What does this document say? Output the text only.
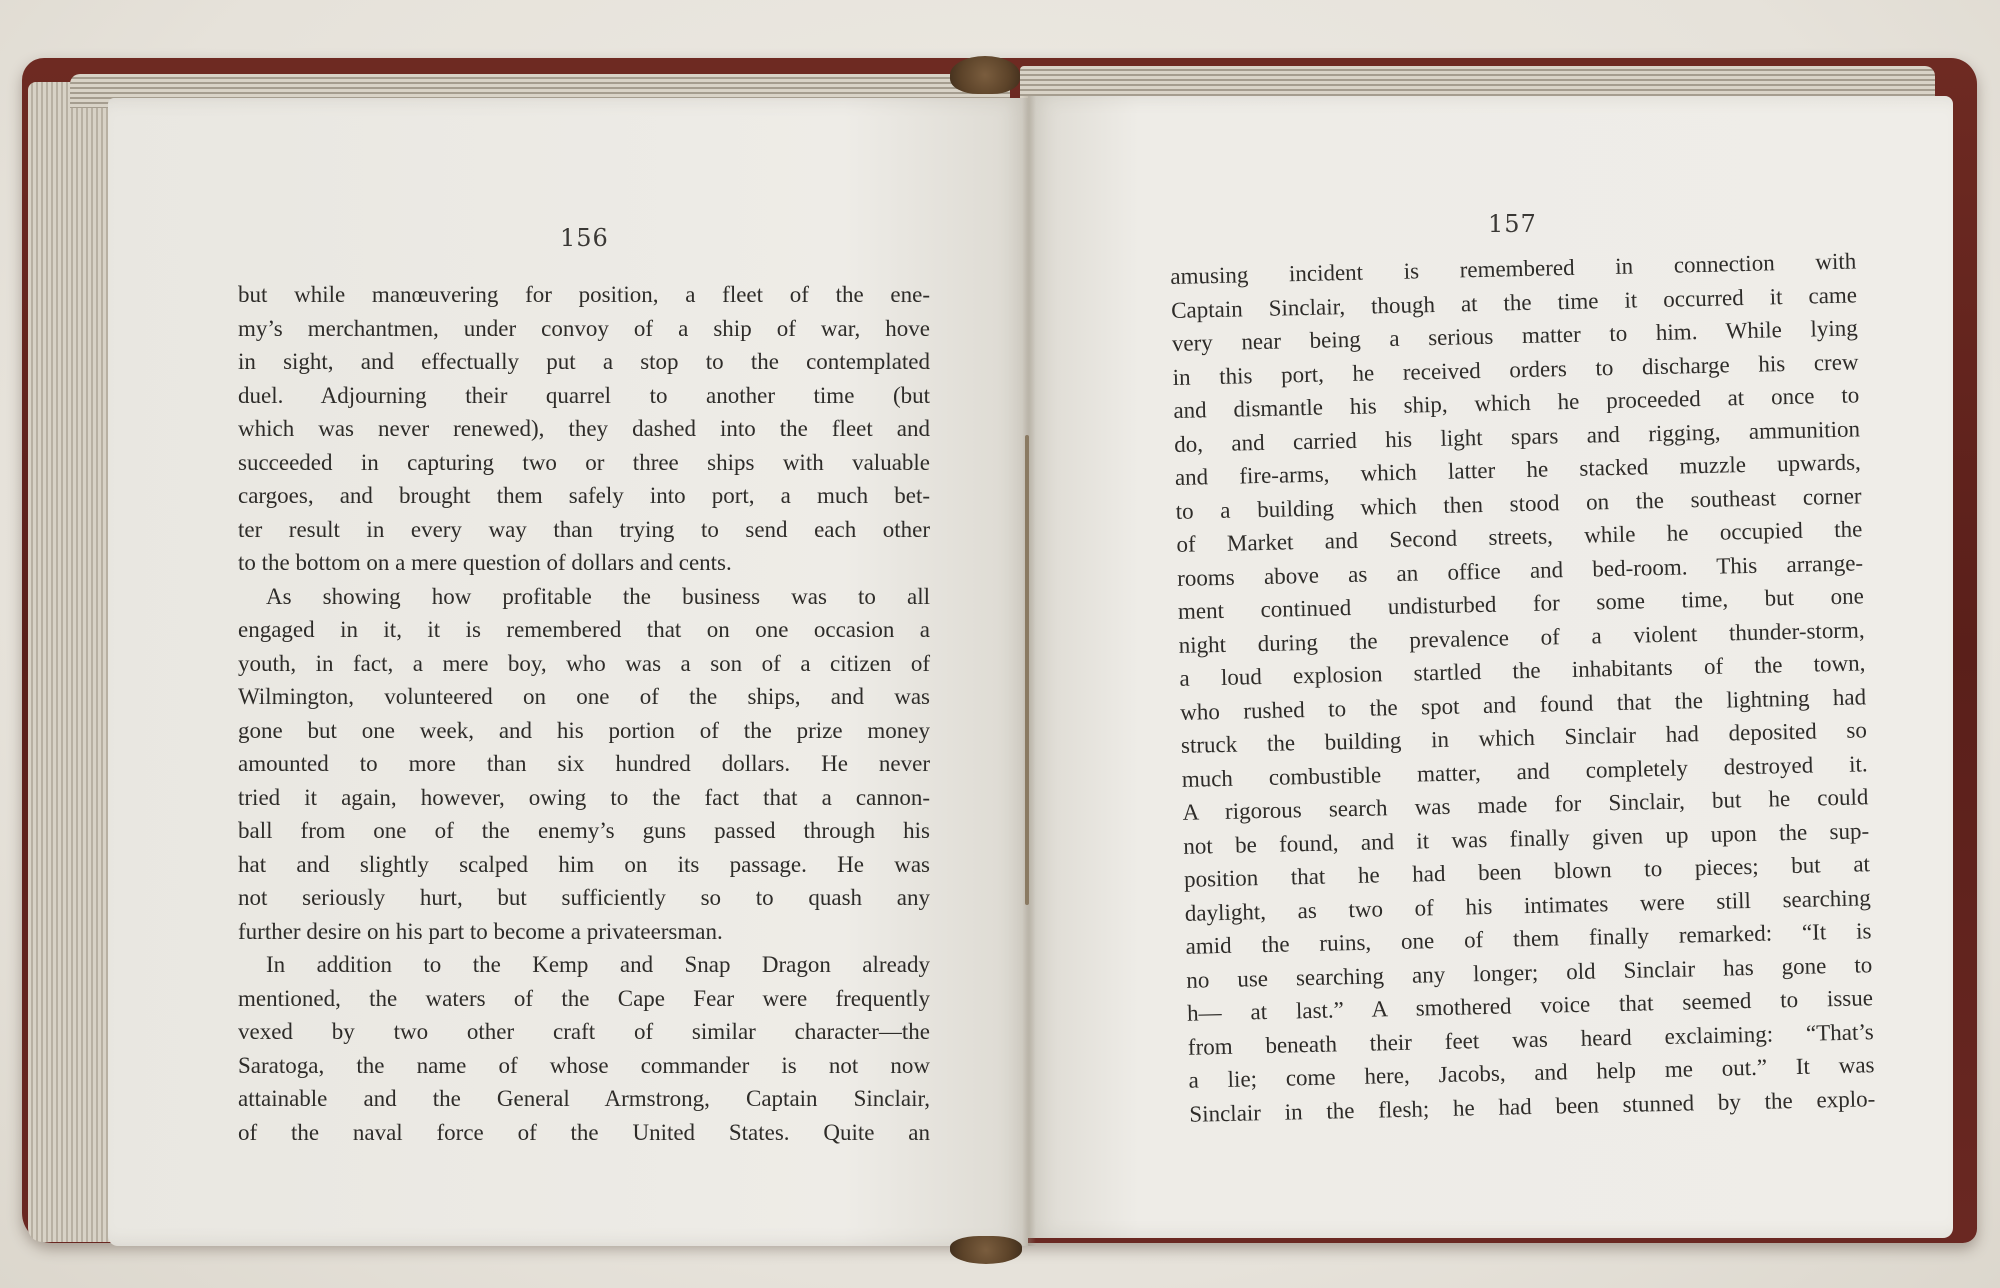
156	157
but while manœuvering for position, a fleet of the ene-
my’s merchantmen, under convoy of a ship of war, hove
in sight, and effectually put a stop to the contemplated
duel. Adjourning their quarrel to another time (but
which was never renewed), they dashed into the fleet and
succeeded in capturing two or three ships with valuable
cargoes, and brought them safely into port, a much bet-
ter result in every way than trying to send each other
to the bottom on a mere question of dollars and cents.
As showing how profitable the business was to all
engaged in it, it is remembered that on one occasion a
youth, in fact, a mere boy, who was a son of a citizen of
Wilmington, volunteered on one of the ships, and was
gone but one week, and his portion of the prize money
amounted to more than six hundred dollars. He never
tried it again, however, owing to the fact that a cannon-
ball from one of the enemy’s guns passed through his
hat and slightly scalped him on its passage. He was
not seriously hurt, but sufficiently so to quash any
further desire on his part to become a privateersman.
In addition to the Kemp and Snap Dragon already
mentioned, the waters of the Cape Fear were frequently
vexed by two other craft of similar character—the
Saratoga, the name of whose commander is not now
attainable and the General Armstrong, Captain Sinclair,
of the naval force of the United States. Quite an
amusing incident is remembered in connection with
Captain Sinclair, though at the time it occurred it came
very near being a serious matter to him. While lying
in this port, he received orders to discharge his crew
and dismantle his ship, which he proceeded at once to
do, and carried his light spars and rigging, ammunition
and fire-arms, which latter he stacked muzzle upwards,
to a building which then stood on the southeast corner
of Market and Second streets, while he occupied the
rooms above as an office and bed-room. This arrange-
ment continued undisturbed for some time, but one
night during the prevalence of a violent thunder-storm,
a loud explosion startled the inhabitants of the town,
who rushed to the spot and found that the lightning had
struck the building in which Sinclair had deposited so
much combustible matter, and completely destroyed it.
A rigorous search was made for Sinclair, but he could
not be found, and it was finally given up upon the sup-
position that he had been blown to pieces; but at
daylight, as two of his intimates were still searching
amid the ruins, one of them finally remarked: “It is
no use searching any longer; old Sinclair has gone to
h— at last.” A smothered voice that seemed to issue
from beneath their feet was heard exclaiming: “That’s
a lie; come here, Jacobs, and help me out.” It was
Sinclair in the flesh; he had been stunned by the explo-
